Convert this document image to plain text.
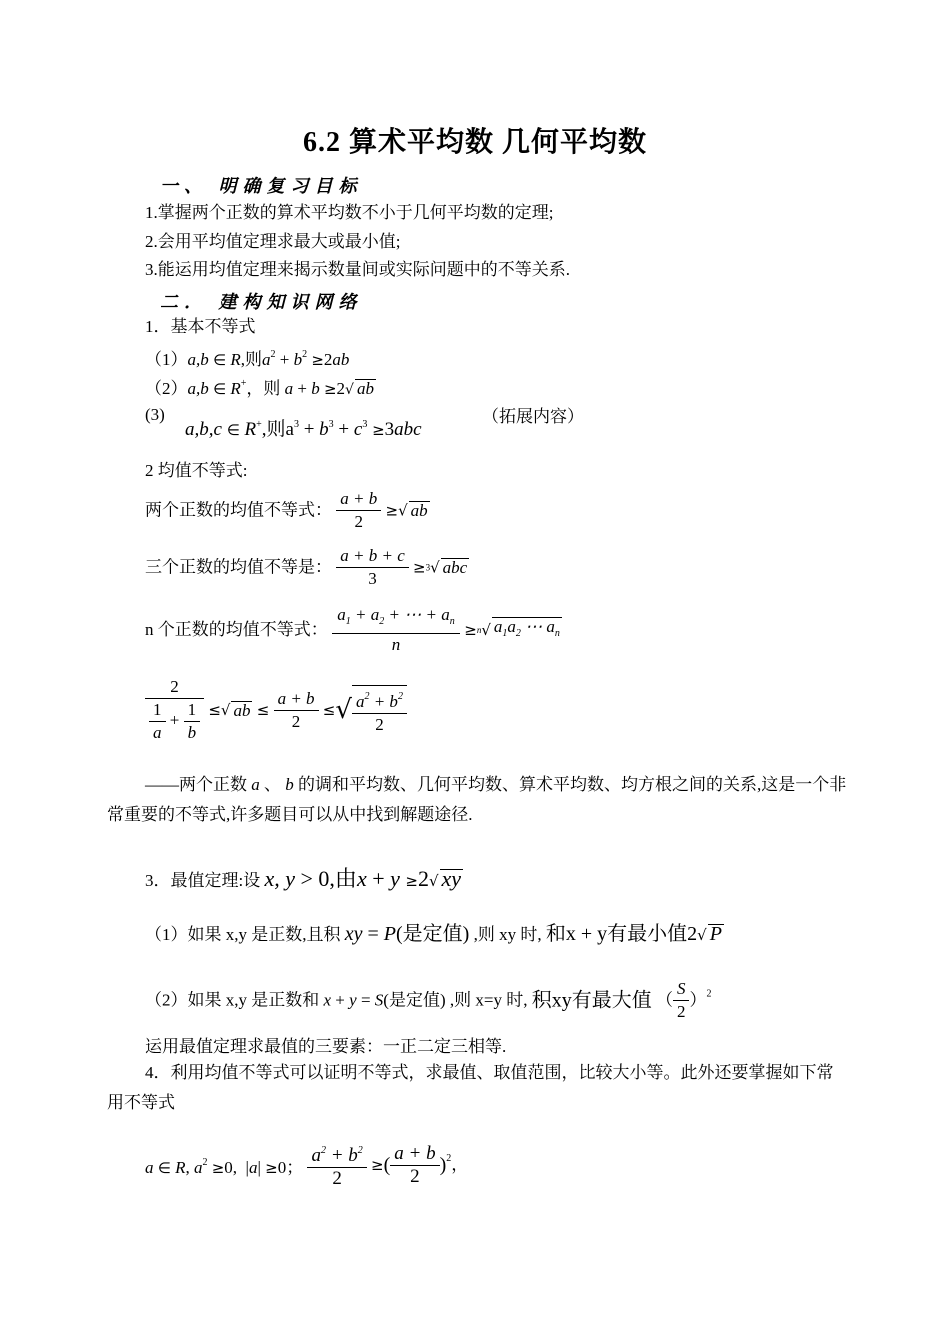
6.2 算术平均数 几何平均数
一、 明确复习目标
1.掌握两个正数的算术平均数不小于几何平均数的定理;
2.会用平均值定理求最大或最小值;
3.能运用均值定理来揭示数量间或实际问题中的不等关系.
二． 建构知识网络
1．基本不等式
（1）a,b ∈ R,则$a^2 + b^2 \ge 2ab$
（2）a,b ∈ R+，则 a + b ≥2√ ab
(3)
a,b,c ∈ R+,则$a^3 + b^3 + c^3 \ge 3abc$
（拓展内容）
2 均值不等式:
两个正数的均值不等式： $\frac{a + b}{2}$ ≥√ ab
三个正数的均值不等是： $\frac{a + b + c}{3} \ge 3√$ abc
n 个正数的均值不等式： $\frac{a_1 + a_2 + \cdots + a_n}{n} \ge n√$ $a_1a_2$ ⋯ $a_n$
$\frac{2}{\frac{1}{a} + \frac{1}{b}}$ ≤√ ab ≤ $\frac{a + b}{2}$ ≤√ $\frac{a^2 + b^2}{2}$
——两个正数 a 、 b 的调和平均数、几何平均数、算术平均数、均方根之间的关系,这是一个非常重要的不等式,许多题目可以从中找到解题途径.
3．最值定理:设 x, y > 0,由x + y ≥2√ xy
（1）如果 x,y 是正数,且积 xy = P(是定值) ,则 xy 时, 和x + y有最小值2√ P
（2）如果 x,y 是正数和 x + y = S(是定值) ,则 x=y 时, 积xy有最大值 （ $\frac{S}{2} )^2$
运用最值定理求最值的三要素：一正二定三相等.
4．利用均值不等式可以证明不等式，求最值、取值范围，比较大小等。此外还要掌握如下常用不等式
a ∈ R, $a^2 \ge 0$,  |a| ≥0； $\frac{a^2 + b^2}{2}$ ≥( $\frac{a + b}{2} )^2$，
